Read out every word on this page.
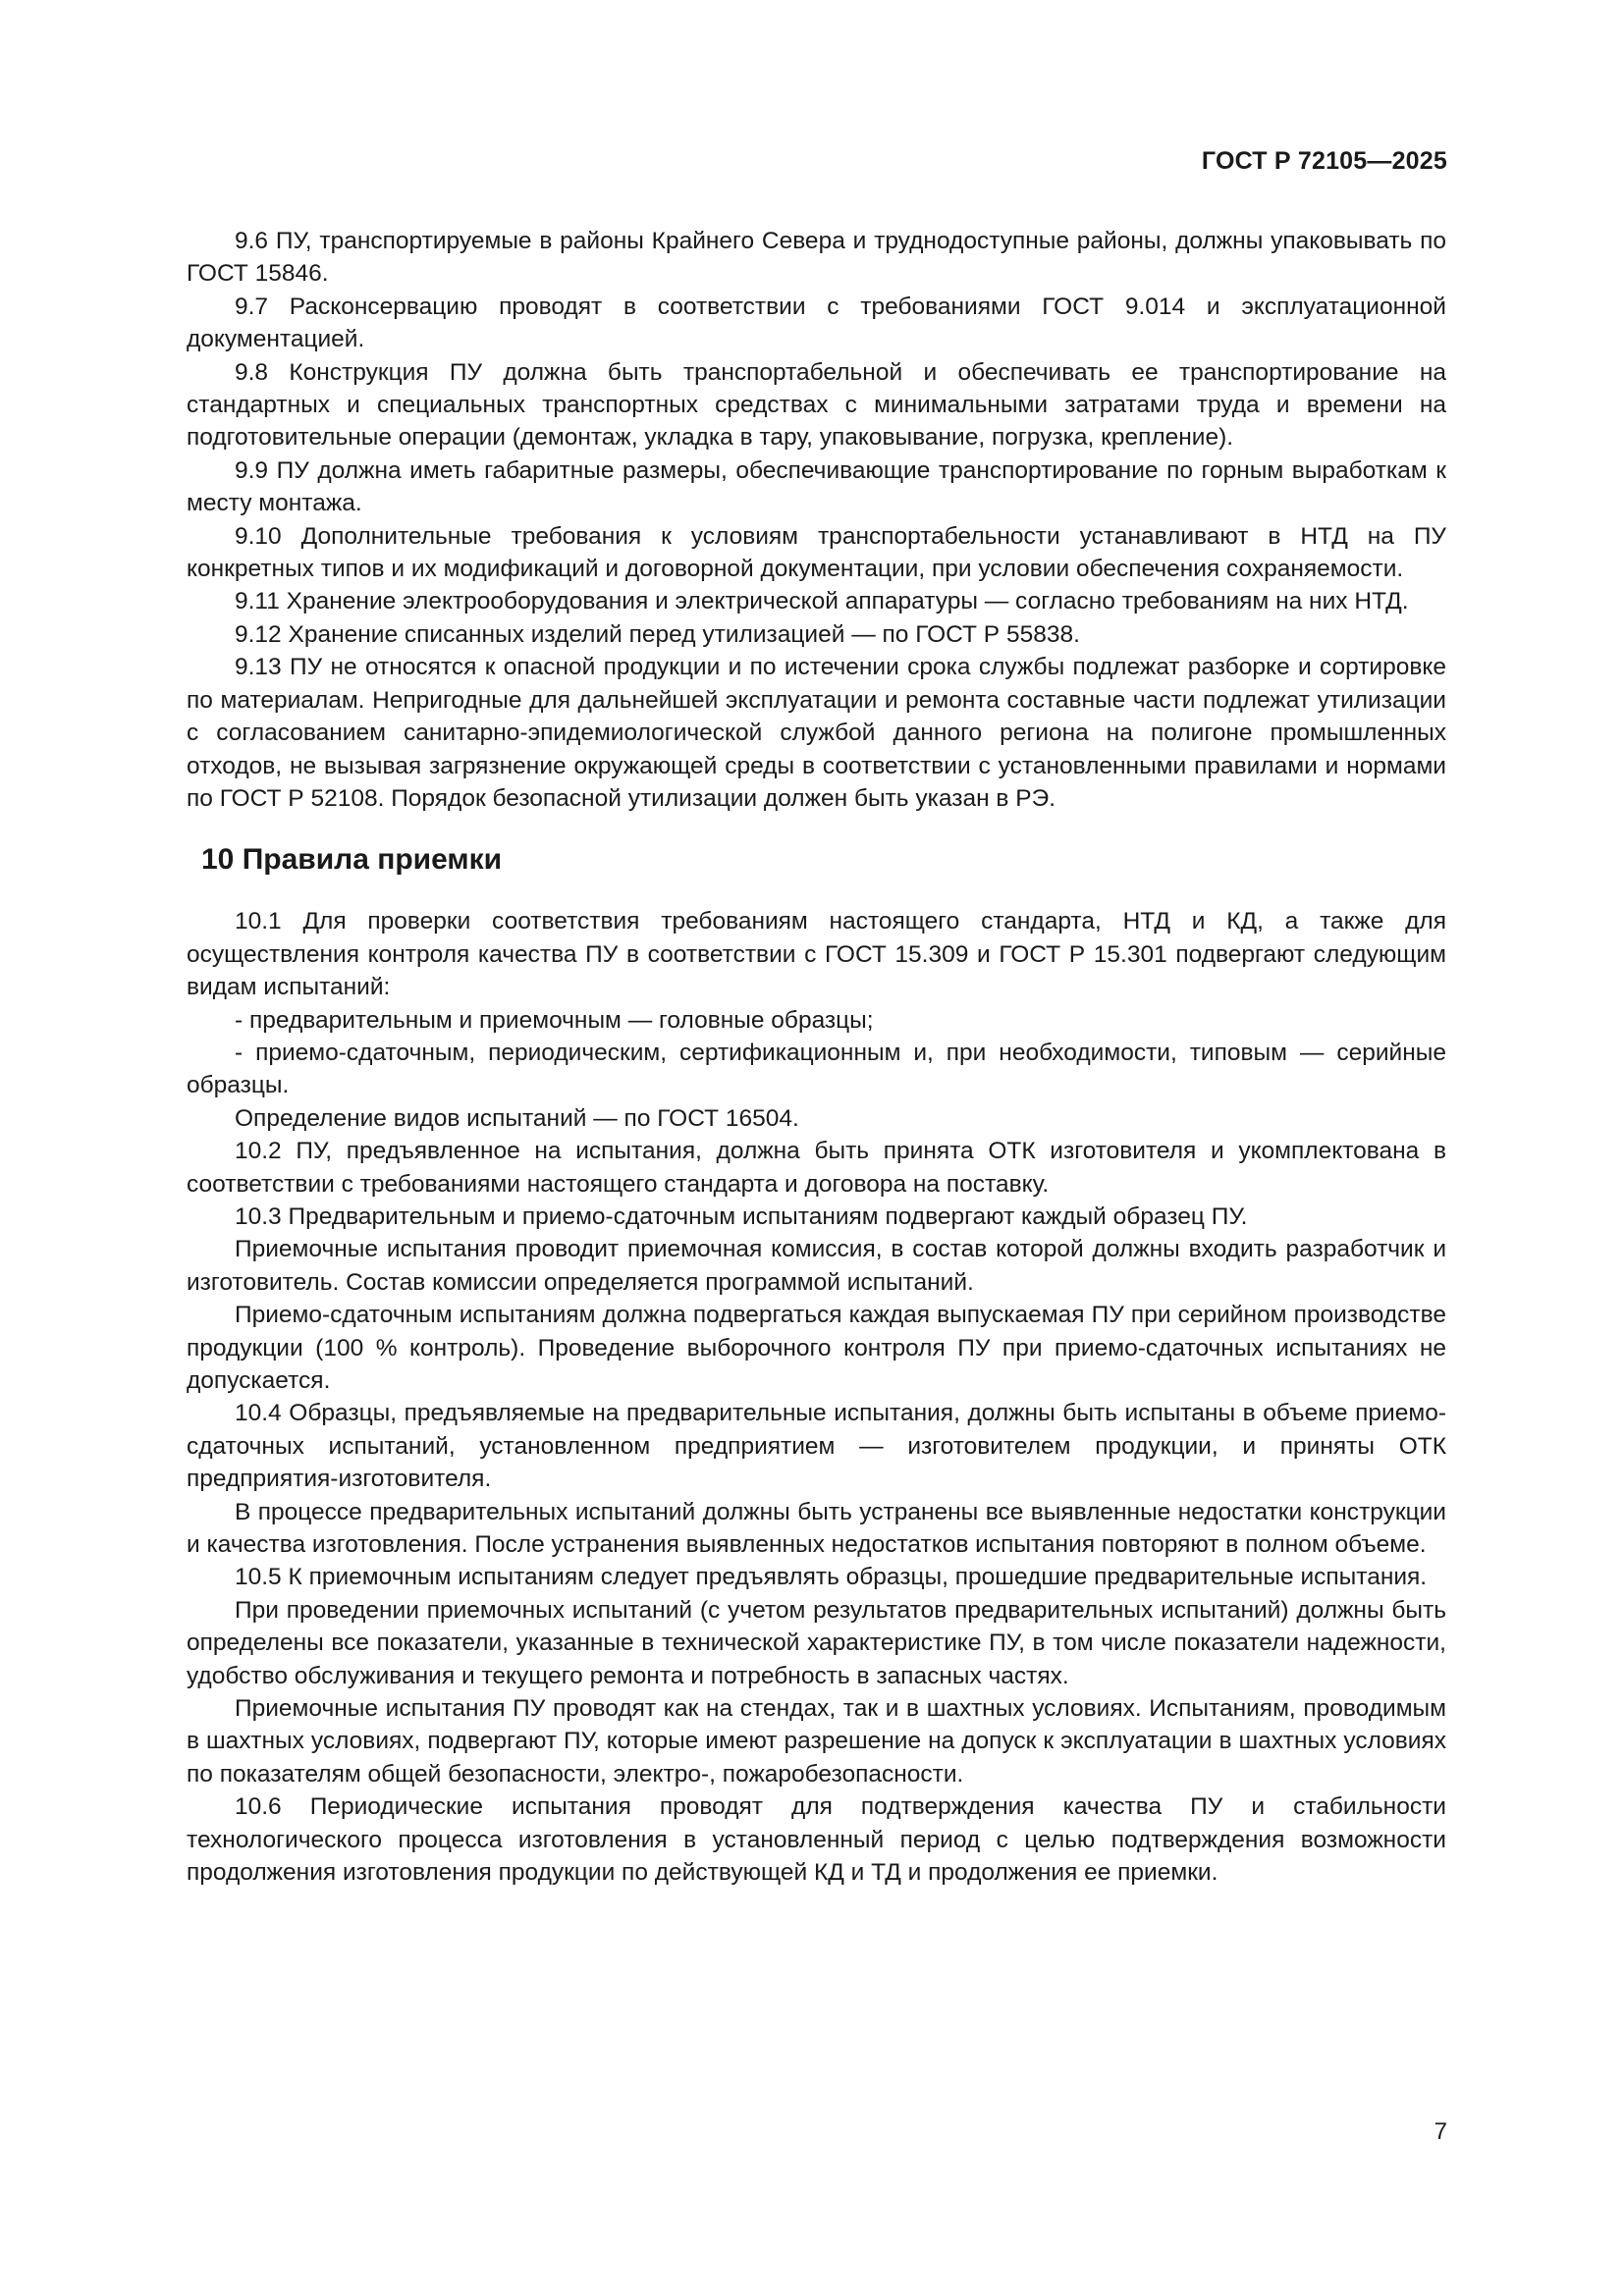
ГОСТ Р 72105—2025

9.6 ПУ, транспортируемые в районы Крайнего Севера и труднодоступные районы, должны упаковывать по ГОСТ 15846.

9.7 Расконсервацию проводят в соответствии с требованиями ГОСТ 9.014 и эксплуатационной документацией.

9.8 Конструкция ПУ должна быть транспортабельной и обеспечивать ее транспортирование на стандартных и специальных транспортных средствах с минимальными затратами труда и времени на подготовительные операции (демонтаж, укладка в тару, упаковывание, погрузка, крепление).

9.9 ПУ должна иметь габаритные размеры, обеспечивающие транспортирование по горным выработкам к месту монтажа.

9.10 Дополнительные требования к условиям транспортабельности устанавливают в НТД на ПУ конкретных типов и их модификаций и договорной документации, при условии обеспечения сохраняемости.

9.11 Хранение электрооборудования и электрической аппаратуры — согласно требованиям на них НТД.

9.12 Хранение списанных изделий перед утилизацией — по ГОСТ Р 55838.

9.13 ПУ не относятся к опасной продукции и по истечении срока службы подлежат разборке и сортировке по материалам. Непригодные для дальнейшей эксплуатации и ремонта составные части подлежат утилизации с согласованием санитарно-эпидемиологической службой данного региона на полигоне промышленных отходов, не вызывая загрязнение окружающей среды в соответствии с установленными правилами и нормами по ГОСТ Р 52108. Порядок безопасной утилизации должен быть указан в РЭ.

10 Правила приемки

10.1 Для проверки соответствия требованиям настоящего стандарта, НТД и КД, а также для осуществления контроля качества ПУ в соответствии с ГОСТ 15.309 и ГОСТ Р 15.301 подвергают следующим видам испытаний:

- предварительным и приемочным — головные образцы;

- приемо-сдаточным, периодическим, сертификационным и, при необходимости, типовым — серийные образцы.

Определение видов испытаний — по ГОСТ 16504.

10.2 ПУ, предъявленное на испытания, должна быть принята ОТК изготовителя и укомплектована в соответствии с требованиями настоящего стандарта и договора на поставку.

10.3 Предварительным и приемо-сдаточным испытаниям подвергают каждый образец ПУ.

Приемочные испытания проводит приемочная комиссия, в состав которой должны входить разработчик и изготовитель. Состав комиссии определяется программой испытаний.

Приемо-сдаточным испытаниям должна подвергаться каждая выпускаемая ПУ при серийном производстве продукции (100 % контроль). Проведение выборочного контроля ПУ при приемо-сдаточных испытаниях не допускается.

10.4 Образцы, предъявляемые на предварительные испытания, должны быть испытаны в объеме приемо-сдаточных испытаний, установленном предприятием — изготовителем продукции, и приняты ОТК предприятия-изготовителя.

В процессе предварительных испытаний должны быть устранены все выявленные недостатки конструкции и качества изготовления. После устранения выявленных недостатков испытания повторяют в полном объеме.

10.5 К приемочным испытаниям следует предъявлять образцы, прошедшие предварительные испытания.

При проведении приемочных испытаний (с учетом результатов предварительных испытаний) должны быть определены все показатели, указанные в технической характеристике ПУ, в том числе показатели надежности, удобство обслуживания и текущего ремонта и потребность в запасных частях.

Приемочные испытания ПУ проводят как на стендах, так и в шахтных условиях. Испытаниям, проводимым в шахтных условиях, подвергают ПУ, которые имеют разрешение на допуск к эксплуатации в шахтных условиях по показателям общей безопасности, электро-, пожаробезопасности.

10.6 Периодические испытания проводят для подтверждения качества ПУ и стабильности технологического процесса изготовления в установленный период с целью подтверждения возможности продолжения изготовления продукции по действующей КД и ТД и продолжения ее приемки.

7
